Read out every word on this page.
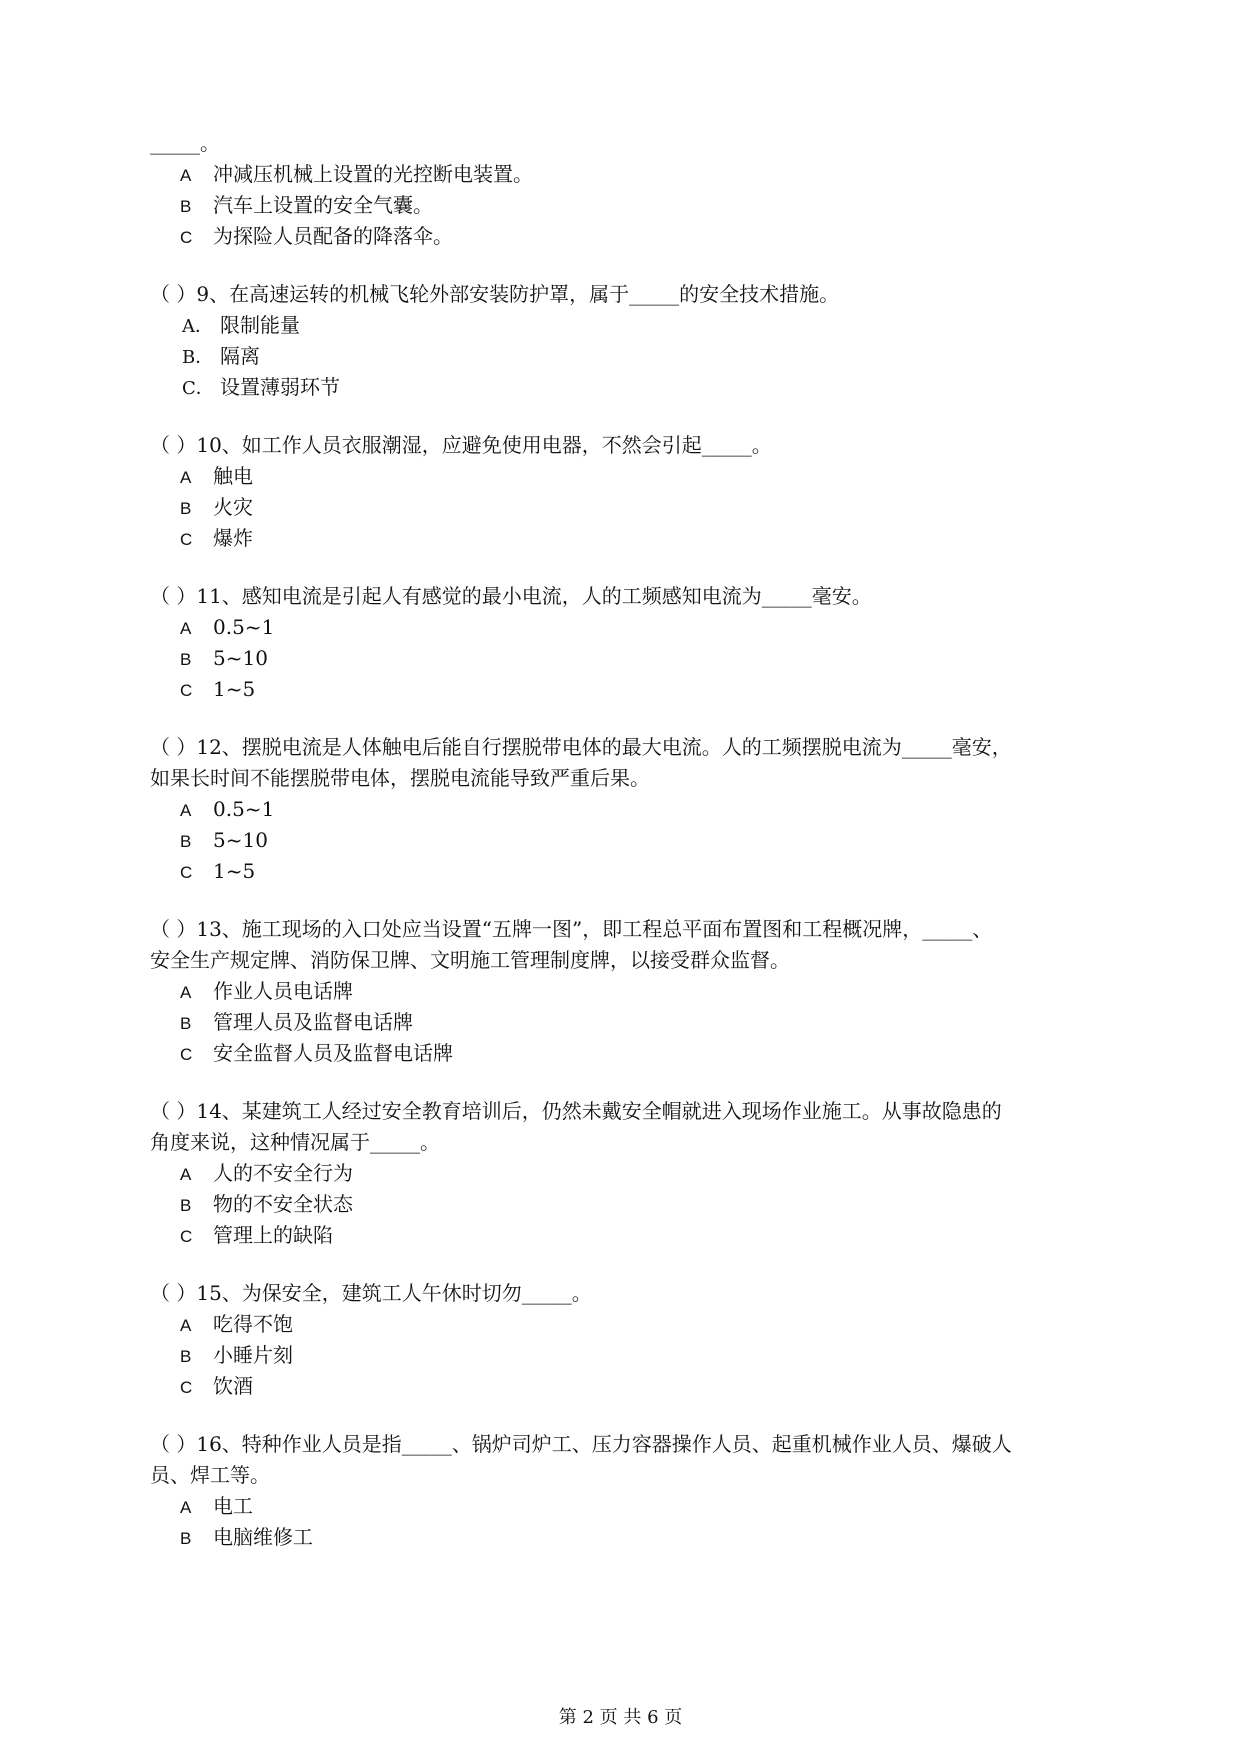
_____。
A 冲减压机械上设置的光控断电装置。
B 汽车上设置的安全气囊。
C 为探险人员配备的降落伞。
（ ）9、在高速运转的机械飞轮外部安装防护罩，属于_____的安全技术措施。
A． 限制能量
B． 隔离
C． 设置薄弱环节
（ ）10、如工作人员衣服潮湿，应避免使用电器，不然会引起_____。
A 触电
B 火灾
C 爆炸
（ ）11、感知电流是引起人有感觉的最小电流，人的工频感知电流为_____毫安。
A 0.5~1
B 5~10
C 1~5
（ ）12、摆脱电流是人体触电后能自行摆脱带电体的最大电流。人的工频摆脱电流为_____毫安，
如果长时间不能摆脱带电体，摆脱电流能导致严重后果。
A 0.5~1
B 5~10
C 1~5
（ ）13、施工现场的入口处应当设置“五牌一图”，即工程总平面布置图和工程概况牌，_____、
安全生产规定牌、消防保卫牌、文明施工管理制度牌，以接受群众监督。
A 作业人员电话牌
B 管理人员及监督电话牌
C 安全监督人员及监督电话牌
（ ）14、某建筑工人经过安全教育培训后，仍然未戴安全帽就进入现场作业施工。从事故隐患的
角度来说，这种情况属于_____。
A 人的不安全行为
B 物的不安全状态
C 管理上的缺陷
（ ）15、为保安全，建筑工人午休时切勿_____。
A 吃得不饱
B 小睡片刻
C 饮酒
（ ）16、特种作业人员是指_____、锅炉司炉工、压力容器操作人员、起重机械作业人员、爆破人
员、焊工等。
A 电工
B 电脑维修工
第 2 页 共 6 页
